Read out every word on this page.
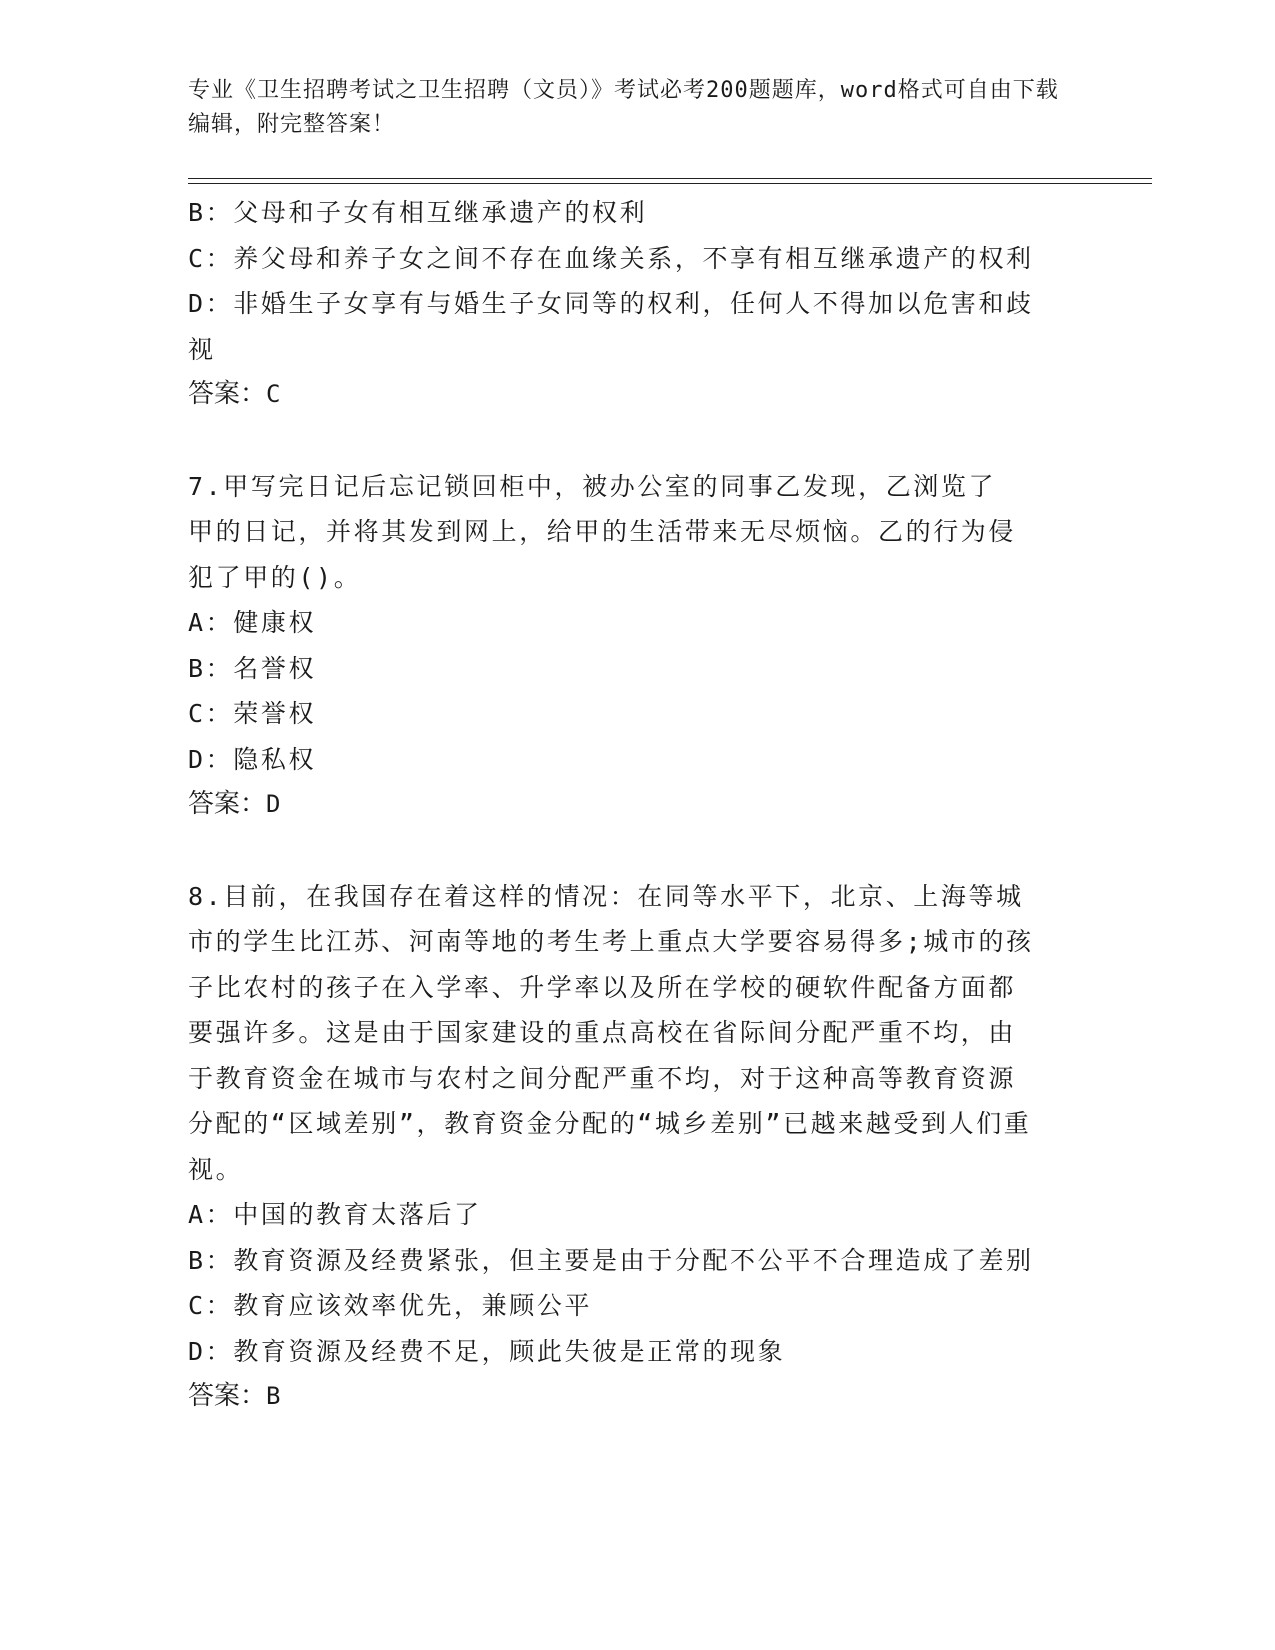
专业《卫生招聘考试之卫生招聘（文员）》考试必考200题题库，word格式可自由下载编辑，附完整答案！
B：父母和子女有相互继承遗产的权利
C：养父母和养子女之间不存在血缘关系，不享有相互继承遗产的权利
D：非婚生子女享有与婚生子女同等的权利，任何人不得加以危害和歧视
答案：C
7.甲写完日记后忘记锁回柜中，被办公室的同事乙发现，乙浏览了甲的日记，并将其发到网上，给甲的生活带来无尽烦恼。乙的行为侵犯了甲的()。
A：健康权
B：名誉权
C：荣誉权
D：隐私权
答案：D
8.目前，在我国存在着这样的情况：在同等水平下，北京、上海等城市的学生比江苏、河南等地的考生考上重点大学要容易得多;城市的孩子比农村的孩子在入学率、升学率以及所在学校的硬软件配备方面都要强许多。这是由于国家建设的重点高校在省际间分配严重不均，由于教育资金在城市与农村之间分配严重不均，对于这种高等教育资源分配的“区域差别”，教育资金分配的“城乡差别”已越来越受到人们重视。
A：中国的教育太落后了
B：教育资源及经费紧张，但主要是由于分配不公平不合理造成了差别
C：教育应该效率优先，兼顾公平
D：教育资源及经费不足，顾此失彼是正常的现象
答案：B
